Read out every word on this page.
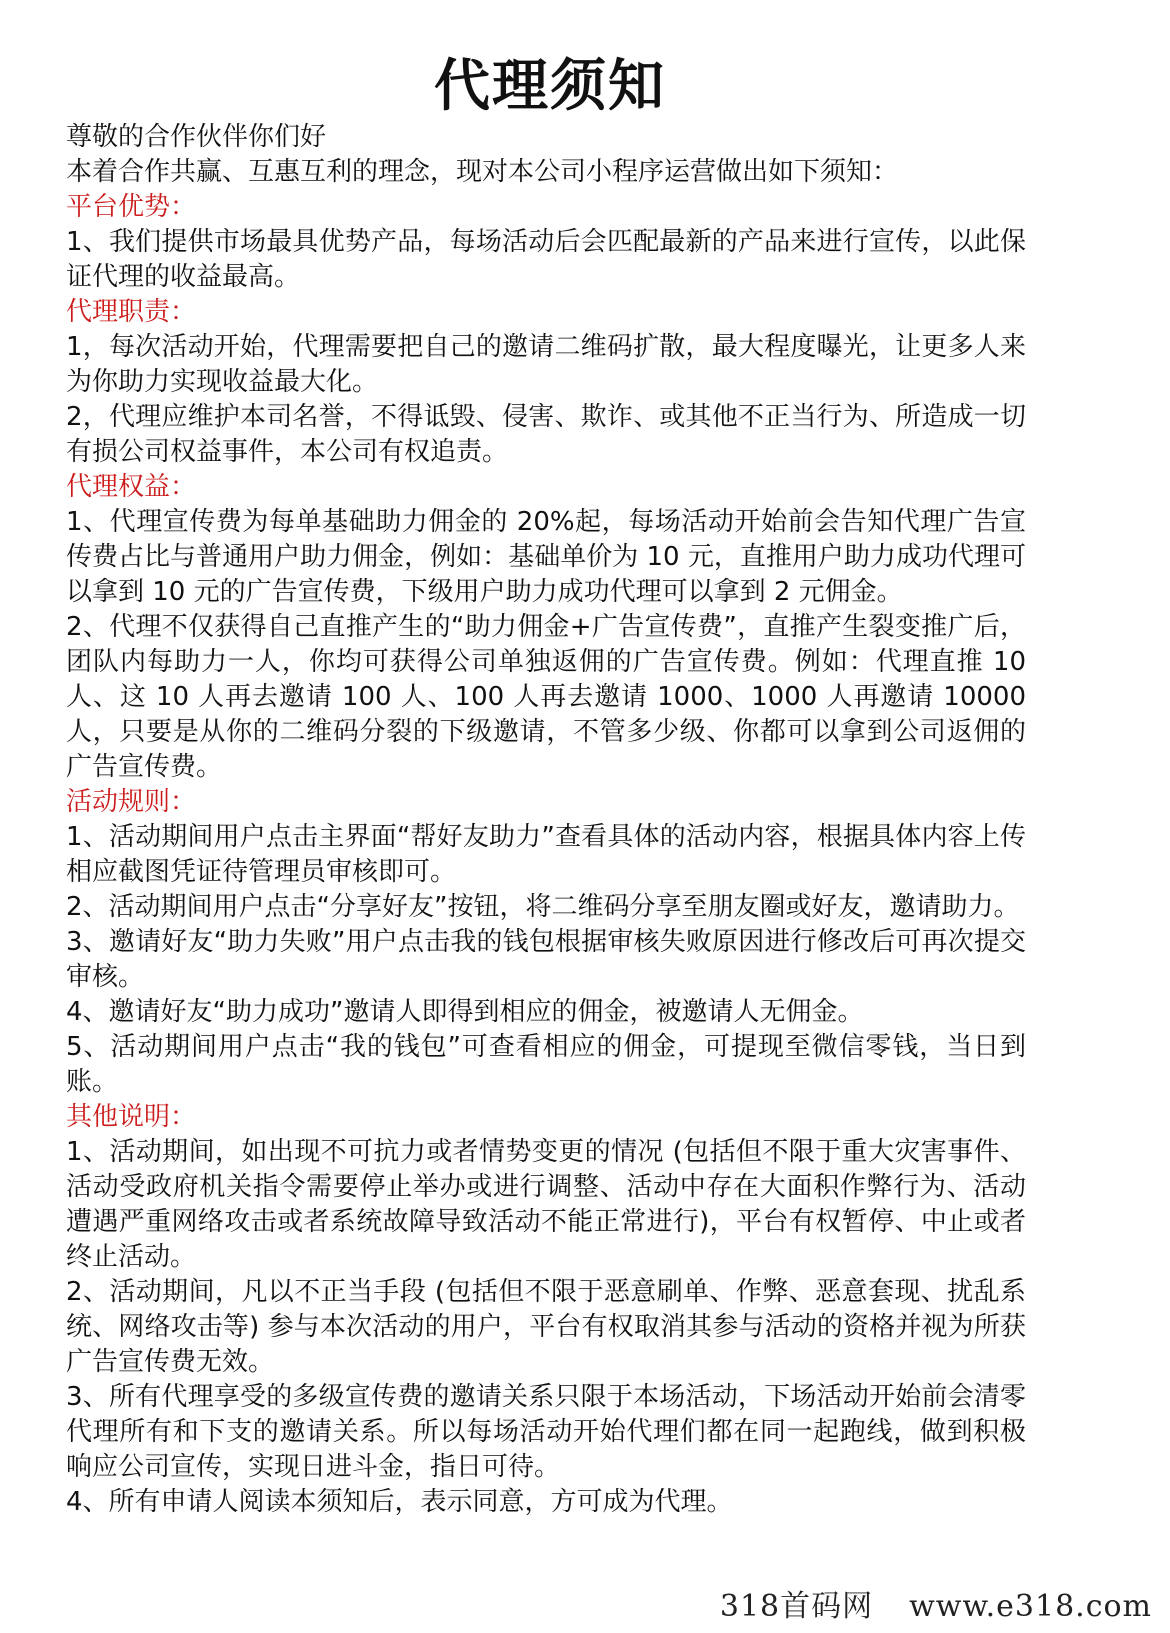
代理须知

尊敬的合作伙伴你们好

本着合作共赢、互惠互利的理念，现对本公司小程序运营做出如下须知：

平台优势：

1、我们提供市场最具优势产品，每场活动后会匹配最新的产品来进行宣传，以此保证代理的收益最高。

代理职责：

1，每次活动开始，代理需要把自己的邀请二维码扩散，最大程度曝光，让更多人来为你助力实现收益最大化。

2，代理应维护本司名誉，不得诋毁、侵害、欺诈、或其他不正当行为、所造成一切有损公司权益事件，本公司有权追责。

代理权益：

1、代理宣传费为每单基础助力佣金的 20%起，每场活动开始前会告知代理广告宣传费占比与普通用户助力佣金，例如：基础单价为 10 元，直推用户助力成功代理可以拿到 10 元的广告宣传费，下级用户助力成功代理可以拿到 2 元佣金。

2、代理不仅获得自己直推产生的“助力佣金+广告宣传费”，直推产生裂变推广后，团队内每助力一人，你均可获得公司单独返佣的广告宣传费。例如：代理直推 10 人、这 10 人再去邀请 100 人、100 人再去邀请 1000、1000 人再邀请 10000人，只要是从你的二维码分裂的下级邀请，不管多少级、你都可以拿到公司返佣的广告宣传费。

活动规则：

1、活动期间用户点击主界面“帮好友助力”查看具体的活动内容，根据具体内容上传相应截图凭证待管理员审核即可。

2、活动期间用户点击“分享好友”按钮，将二维码分享至朋友圈或好友，邀请助力。

3、邀请好友“助力失败”用户点击我的钱包根据审核失败原因进行修改后可再次提交审核。

4、邀请好友“助力成功”邀请人即得到相应的佣金，被邀请人无佣金。

5、活动期间用户点击“我的钱包”可查看相应的佣金，可提现至微信零钱，当日到账。

其他说明：

1、活动期间，如出现不可抗力或者情势变更的情况 (包括但不限于重大灾害事件、活动受政府机关指令需要停止举办或进行调整、活动中存在大面积作弊行为、活动遭遇严重网络攻击或者系统故障导致活动不能正常进行)，平台有权暂停、中止或者终止活动。

2、活动期间，凡以不正当手段 (包括但不限于恶意刷单、作弊、恶意套现、扰乱系统、网络攻击等) 参与本次活动的用户，平台有权取消其参与活动的资格并视为所获广告宣传费无效。

3、所有代理享受的多级宣传费的邀请关系只限于本场活动，下场活动开始前会清零代理所有和下支的邀请关系。所以每场活动开始代理们都在同一起跑线，做到积极响应公司宣传，实现日进斗金，指日可待。

4、所有申请人阅读本须知后，表示同意，方可成为代理。

318首码网 www.e318.com
